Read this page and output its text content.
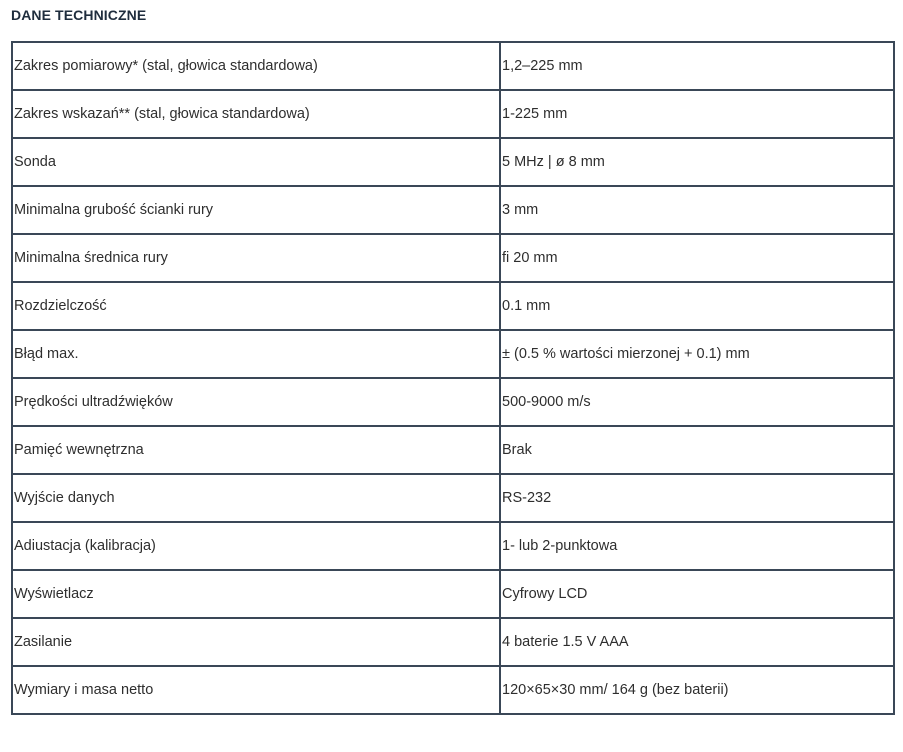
DANE TECHNICZNE
Zakres pomiarowy* (stal, głowica standardowa)	1,2–225 mm
Zakres wskazań** (stal, głowica standardowa)	1-225 mm
Sonda	5 MHz | ø 8 mm
Minimalna grubość ścianki rury	3 mm
Minimalna średnica rury	fi 20 mm
Rozdzielczość	0.1 mm
Błąd max.	± (0.5 % wartości mierzonej + 0.1) mm
Prędkości ultradźwięków	500-9000 m/s
Pamięć wewnętrzna	Brak
Wyjście danych	RS-232
Adiustacja (kalibracja)	1- lub 2-punktowa
Wyświetlacz	Cyfrowy LCD
Zasilanie	4 baterie 1.5 V AAA
Wymiary i masa netto	120×65×30 mm/ 164 g (bez baterii)
